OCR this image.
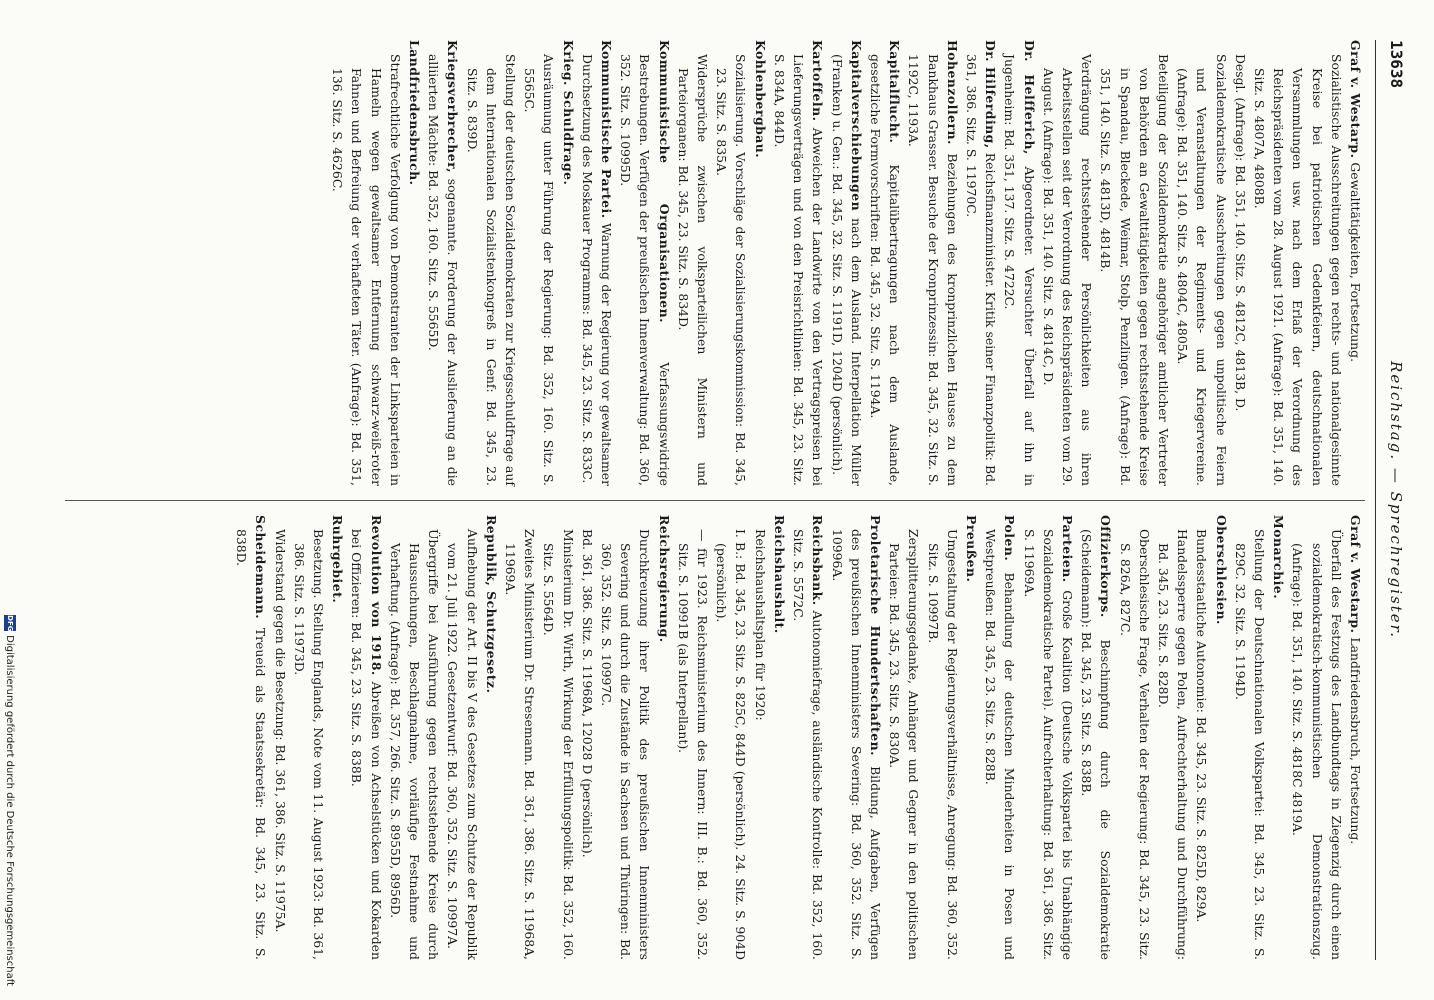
13638
Reichstag. — Sprechregister.
Graf v. Westarp. Gewalttätigkeiten, Fortsetzung.
Sozialistische Ausschreitungen gegen rechts- und nationalgesinnte Kreise bei patriotischen Gedenkfeiern, deutschnationalen Versammlungen usw. nach dem Erlaß der Verordnung des Reichspräsidenten vom 28. August 1921. (Anfrage): Bd. 351, 140. Sitz. S. 4807A, 4808B.
Desgl. (Anfrage): Bd. 351, 140. Sitz. S. 4812C, 4813B, D.
Sozialdemokratische Ausschreitungen gegen unpolitische Feiern und Veranstaltungen der Regiments- und Kriegervereine. (Anfrage): Bd. 351, 140. Sitz. S. 4804C, 4805A.
Beteiligung der Sozialdemokratie angehöriger amtlicher Vertreter von Behörden an Gewalttätigkeiten gegen rechtsstehende Kreise in Spandau, Bleckede, Weimar, Stolp, Penzlingen. (Anfrage): Bd. 351, 140. Sitz. S. 4813D, 4814B.
Verdrängung rechtsstehender Persönlichkeiten aus ihren Arbeitsstellen seit der Verordnung des Reichspräsidenten vom 29. August. (Anfrage): Bd. 351, 140. Sitz. S. 4814C, D.
Dr. Helfferich, Abgeordneter. Versuchter Überfall auf ihn in Jugenheim: Bd. 351, 137. Sitz. S. 4722C.
Dr. Hilferding, Reichsfinanzminister. Kritik seiner Finanzpolitik: Bd. 361, 386. Sitz. S. 11970C.
Hohenzollern. Beziehungen des kronprinzlichen Hauses zu dem Bankhaus Grasser. Besuche der Kronprinzessin: Bd. 345, 32. Sitz. S. 1192C, 1193A.
Kapitalflucht. Kapitalübertragungen nach dem Auslande, gesetzliche Formvorschriften: Bd. 345, 32. Sitz. S. 1194A.
Kapitalverschiebungen nach dem Ausland. Interpellation Müller (Franken) u. Gen.: Bd. 345, 32. Sitz. S. 1191D, 1204D (persönlich).
Kartoffeln. Abweichen der Landwirte von den Vertragspreisen bei Lieferungsverträgen und von den Preisrichtlinien: Bd. 345, 23. Sitz. S. 834A, 844D.
Kohlenbergbau.
Sozialisierung. Vorschläge der Sozialisierungskommission: Bd. 345, 23. Sitz. S. 835A.
Widersprüche zwischen volksparteilichen Ministern und Parteiorganen: Bd. 345, 23. Sitz. S. 834D.
Kommunistische Organisationen. Verfassungswidrige Bestrebungen. Verfügen der preußischen Innenverwaltung: Bd. 360, 352. Sitz. S. 10995D.
Kommunistische Partei. Warnung der Regierung vor gewaltsamer Durchsetzung des Moskauer Programms: Bd. 345, 23. Sitz. S. 833C.
Krieg. Schuldfrage.
Ausräumung unter Führung der Regierung: Bd. 352, 160. Sitz. S. 5565C.
Stellung der deutschen Sozialdemokraten zur Kriegsschuldfrage auf dem Internationalen Sozialistenkongreß in Genf: Bd. 345, 23. Sitz. S. 839D.
Kriegsverbrecher, sogenannte. Forderung der Auslieferung an die alliierten Mächte: Bd. 352, 160. Sitz. S. 5565D.
Landfriedensbruch.
Strafrechtliche Verfolgung von Demonstranten der Linksparteien in Hameln wegen gewaltsamer Entfernung schwarz-weiß-roter Fahnen und Befreiung der verhafteten Täter. (Anfrage): Bd. 351, 136. Sitz. S. 4626C.
Graf v. Westarp. Landfriedensbruch, Fortsetzung.
Überfall des Festzugs des Landbundtags in Ziegenzig durch einen sozialdemokratisch-kommunistischen Demonstrationszug. (Anfrage): Bd. 351, 140. Sitz. S. 4818C 4819A.
Monarchie.
Stellung der Deutschnationalen Volkspartei: Bd. 345, 23. Sitz. S. 829C. 32. Sitz. S. 1194D.
Oberschlesien.
Bundesstaatliche Autonomie: Bd. 345, 23. Sitz. S. 825D, 829A.
Handelssperre gegen Polen, Aufrechterhaltung und Durchführung: Bd. 345, 23. Sitz. S. 828D.
Oberschlesische Frage, Verhalten der Regierung: Bd. 345, 23. Sitz. S. 826A, 827C.
Offizierkorps. Beschimpfung durch die Sozialdemokratie (Scheidemann): Bd. 345, 23. Sitz. S. 838B.
Parteien. Große Koalition (Deutsche Volkspartei bis Unabhängige Sozialdemokratische Partei). Aufrechterhaltung: Bd. 361, 386. Sitz. S. 11969A.
Polen. Behandlung der deutschen Minderheiten in Posen und Westpreußen: Bd. 345, 23. Sitz. S. 828B.
Preußen.
Umgestaltung der Regierungsverhältnisse, Anregung: Bd. 360, 352. Sitz. S. 10997B.
Zersplitterungsgedanke, Anhänger und Gegner in den politischen Parteien: Bd. 345, 23. Sitz. S. 830A.
Proletarische Hundertschaften. Bildung, Aufgaben, Verfügen des preußischen Innenministers Severing: Bd. 360, 352. Sitz. S. 10996A.
Reichsbank. Autonomiefrage, ausländische Kontrolle: Bd. 352, 160. Sitz. S. 5572C.
Reichshaushalt.
Reichshaushaltsplan für 1920:
I. B.: Bd. 345, 23. Sitz. S. 825C, 844D (persönlich). 24. Sitz. S. 904D (persönlich).
— für 1923. Reichsministerium des Innern: III. B.: Bd. 360, 352. Sitz. S. 10991B (als Interpellant).
Reichsregierung.
Durchkreuzung ihrer Politik des preußischen Innenministers Severing und durch die Zustände in Sachsen und Thüringen: Bd. 360, 352. Sitz. S. 10997C.
Bd. 361, 386. Sitz. S. 11968A, 12028 D (persönlich).
Ministerium Dr. Wirth, Wirkung der Erfüllungspolitik: Bd. 352, 160. Sitz. S. 5564D.
Zweites Ministerium Dr. Stresemann. Bd. 361, 386. Sitz. S. 11968A, 11969A.
Republik, Schutzgesetz.
Aufhebung der Art. II bis V des Gesetzes zum Schutze der Republik vom 21. Juli 1922. Gesetzentwurf: Bd. 360, 352. Sitz. S. 10997A.
Übergriffe bei Ausführung gegen rechtsstehende Kreise durch Haussuchungen, Beschlagnahme, vorläufige Festnahme und Verhaftung. (Anfrage): Bd. 357, 266. Sitz. S. 8955D, 8956D.
Revolution von 1918. Abreißen von Achselstücken und Kokarden bei Offizieren: Bd. 345, 23. Sitz. S. 838B.
Ruhrgebiet.
Besetzung. Stellung Englands, Note vom 11. August 1923: Bd. 361, 386. Sitz. S. 11973D.
Widerstand gegen die Besetzung: Bd. 361, 386. Sitz. S. 11975A.
Scheidemann. Treueid als Staatssekretär: Bd. 345, 23. Sitz. S. 838D.
DFG
Digitalisierung gefördert durch die Deutsche Forschungsgemeinschaft
